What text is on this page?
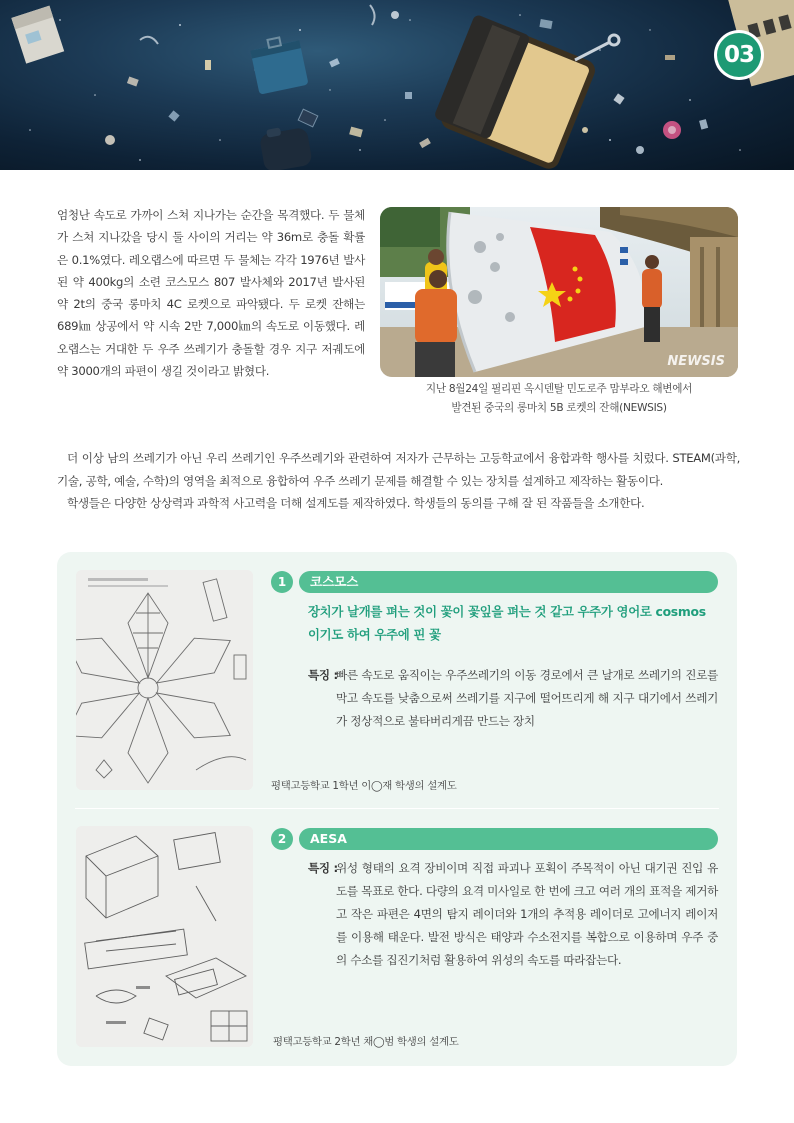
03
엄청난 속도로 가까이 스쳐 지나가는 순간을 목격했다. 두 물체가 스쳐 지나갔을 당시 둘 사이의 거리는 약 36m로 충돌 확률은 0.1%였다. 레오랩스에 따르면 두 물체는 각각 1976년 발사된 약 400kg의 소련 코스모스 807 발사체와 2017년 발사된 약 2t의 중국 롱마치 4C 로켓으로 파악됐다. 두 로켓 잔해는 689㎞ 상공에서 약 시속 2만 7,000㎞의 속도로 이동했다. 레오랩스는 거대한 두 우주 쓰레기가 충돌할 경우 지구 저궤도에 약 3000개의 파편이 생길 것이라고 밝혔다.
NEWSIS
지난 8월24일 필리핀 옥시덴탈 민도로주 맘부라오 해변에서
발견된 중국의 롱마치 5B 로켓의 잔해(NEWSIS)

더 이상 남의 쓰레기가 아닌 우리 쓰레기인 우주쓰레기와 관련하여 저자가 근무하는 고등학교에서 융합과학 행사를 치렀다. STEAM(과학, 기술, 공학, 예술, 수학)의 영역을 최적으로 융합하여 우주 쓰레기 문제를 해결할 수 있는 장치를 설계하고 제작하는 활동이다.

학생들은 다양한 상상력과 과학적 사고력을 더해 설계도를 제작하였다. 학생들의 동의를 구해 잘 된 작품들을 소개한다.

1	코스모스
장치가 날개를 펴는 것이 꽃이 꽃잎을 펴는 것 같고 우주가 영어로 cosmos 이기도 하여 우주에 핀 꽃
특징 :
빠른 속도로 움직이는 우주쓰레기의 이동 경로에서 큰 날개로 쓰레기의 진로를 막고 속도를 낮춤으로써 쓰레기를 지구에 떨어뜨리게 해 지구 대기에서 쓰레기가 정상적으로 불타버리게끔 만드는 장치
평택고등학교 1학년 이◯재 학생의 설계도
2	AESA
특징 :
위성 형태의 요격 장비이며 직접 파괴나 포획이 주목적이 아닌 대기권 진입 유도를 목표로 한다. 다량의 요격 미사일로 한 번에 크고 여러 개의 표적을 제거하고 작은 파편은 4면의 탐지 레이더와 1개의 추적용 레이더로 고에너지 레이저를 이용해 태운다. 발전 방식은 태양과 수소전지를 복합으로 이용하며 우주 중의 수소를 집진기처럼 활용하여 위성의 속도를 따라잡는다.
평택고등학교 2학년 채◯범 학생의 설계도
